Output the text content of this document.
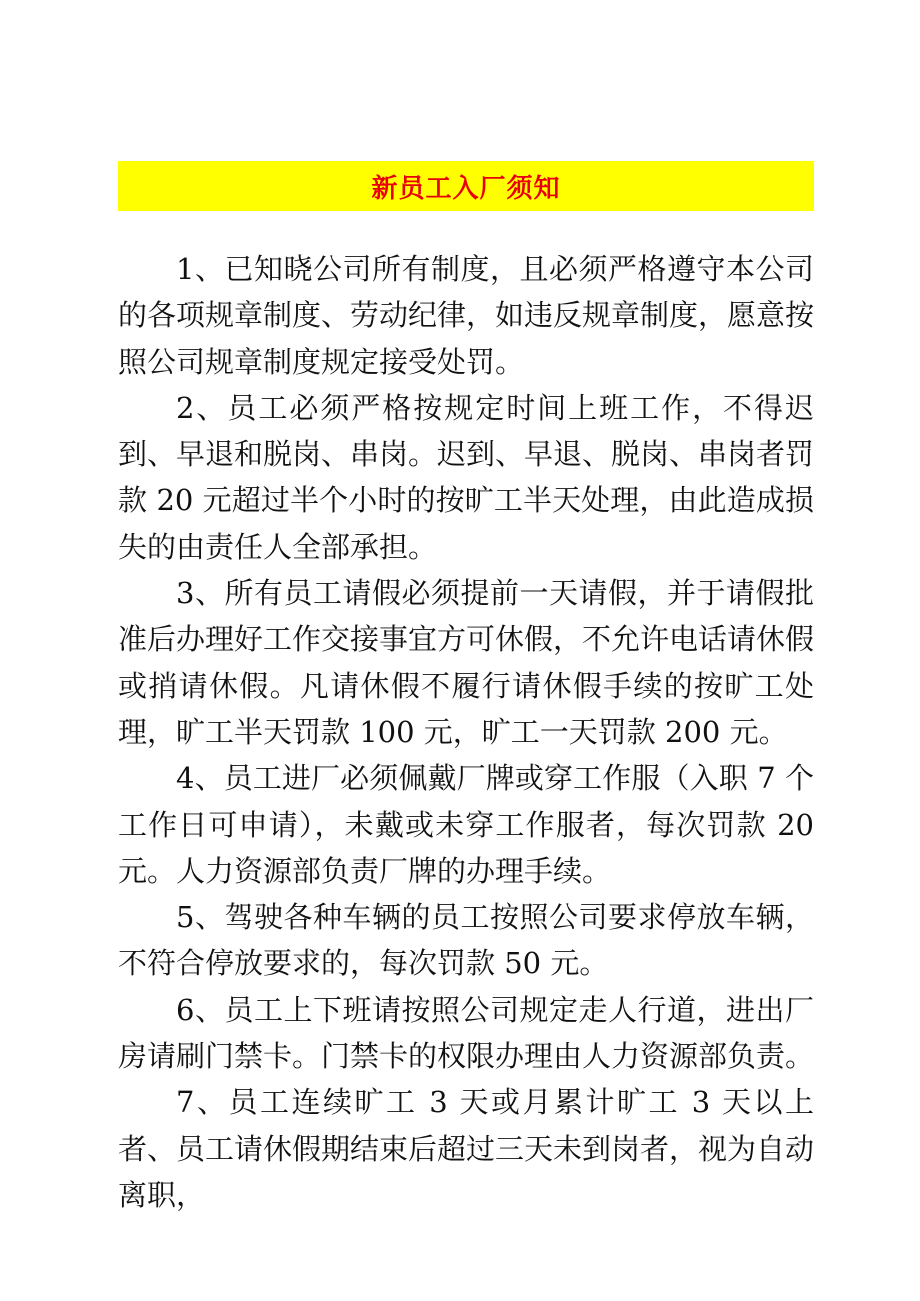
新员工入厂须知

1、已知晓公司所有制度，且必须严格遵守本公司的各项规章制度、劳动纪律，如违反规章制度，愿意按照公司规章制度规定接受处罚。

2、员工必须严格按规定时间上班工作，不得迟到、早退和脱岗、串岗。迟到、早退、脱岗、串岗者罚款 20 元超过半个小时的按旷工半天处理，由此造成损失的由责任人全部承担。

3、所有员工请假必须提前一天请假，并于请假批准后办理好工作交接事宜方可休假，不允许电话请休假或捎请休假。凡请休假不履行请休假手续的按旷工处理，旷工半天罚款 100 元，旷工一天罚款 200 元。

4、员工进厂必须佩戴厂牌或穿工作服（入职 7 个工作日可申请），未戴或未穿工作服者，每次罚款 20 元。人力资源部负责厂牌的办理手续。

5、驾驶各种车辆的员工按照公司要求停放车辆，不符合停放要求的，每次罚款 50 元。

6、员工上下班请按照公司规定走人行道，进出厂房请刷门禁卡。门禁卡的权限办理由人力资源部负责。

7、员工连续旷工 3 天或月累计旷工 3 天以上者、员工请休假期结束后超过三天未到岗者，视为自动离职，
